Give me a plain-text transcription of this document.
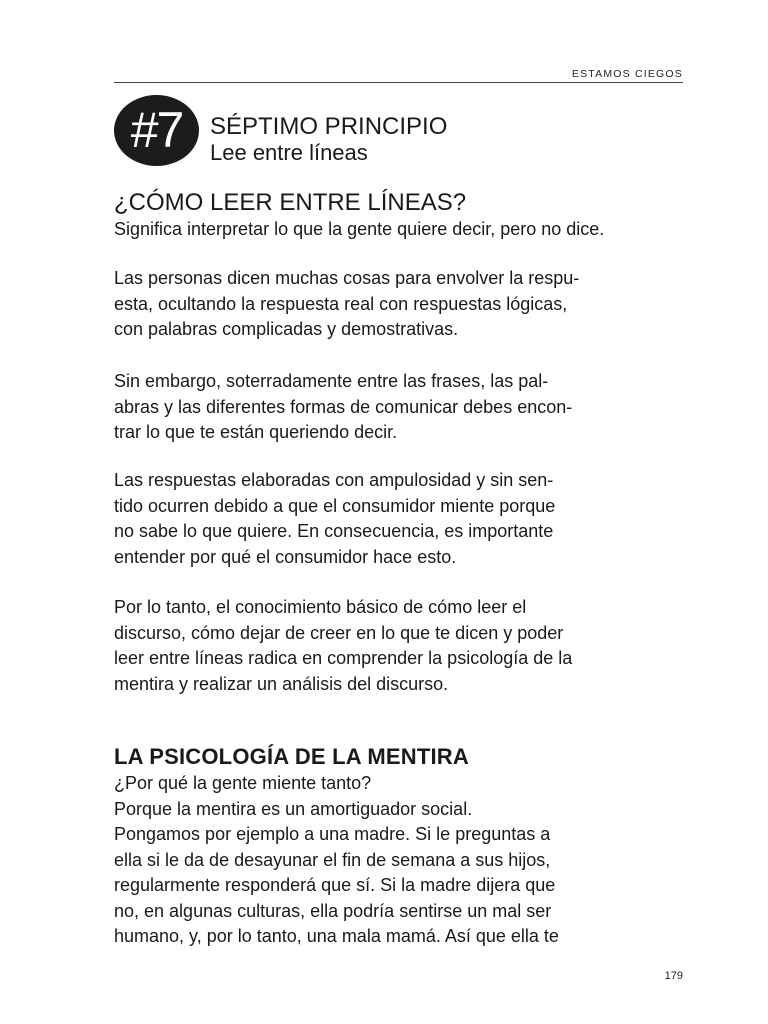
ESTAMOS CIEGOS
#7 SÉPTIMO PRINCIPIO
Lee entre líneas
¿CÓMO LEER ENTRE LÍNEAS?
Significa interpretar lo que la gente quiere decir, pero no dice.
Las personas dicen muchas cosas para envolver la respu-
esta, ocultando la respuesta real con respuestas lógicas,
con palabras complicadas y demostrativas.
Sin embargo, soterradamente entre las frases, las pal-
abras y las diferentes formas de comunicar debes encon-
trar lo que te están queriendo decir.
Las respuestas elaboradas con ampulosidad y sin sen-
tido ocurren debido a que el consumidor miente porque
no sabe lo que quiere. En consecuencia, es importante
entender por qué el consumidor hace esto.
Por lo tanto, el conocimiento básico de cómo leer el
discurso, cómo dejar de creer en lo que te dicen y poder
leer entre líneas radica en comprender la psicología de la
mentira y realizar un análisis del discurso.
LA PSICOLOGÍA DE LA MENTIRA
¿Por qué la gente miente tanto?
Porque la mentira es un amortiguador social.
Pongamos por ejemplo a una madre. Si le preguntas a
ella si le da de desayunar el fin de semana a sus hijos,
regularmente responderá que sí. Si la madre dijera que
no, en algunas culturas, ella podría sentirse un mal ser
humano, y, por lo tanto, una mala mamá. Así que ella te
179
